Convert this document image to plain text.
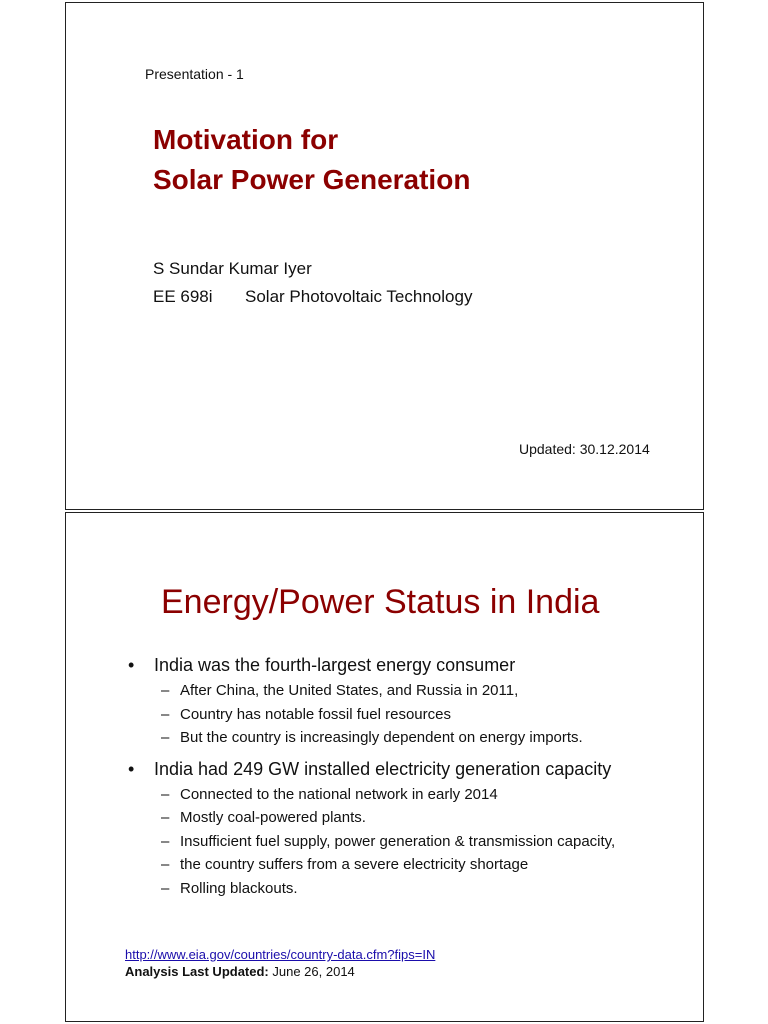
Presentation - 1
Motivation for
Solar Power Generation
S Sundar Kumar Iyer
EE 698i Solar Photovoltaic Technology
Updated: 30.12.2014
Energy/Power Status in India
• India was the fourth-largest energy consumer
– After China, the United States, and Russia in 2011,
– Country has notable fossil fuel resources
– But the country is increasingly dependent on energy imports.
• India had 249 GW installed electricity generation capacity
– Connected to the national network in early 2014
– Mostly coal-powered plants.
– Insufficient fuel supply, power generation & transmission capacity,
– the country suffers from a severe electricity shortage
– Rolling blackouts.
http://www.eia.gov/countries/country-data.cfm?fips=IN
Analysis Last Updated: June 26, 2014
